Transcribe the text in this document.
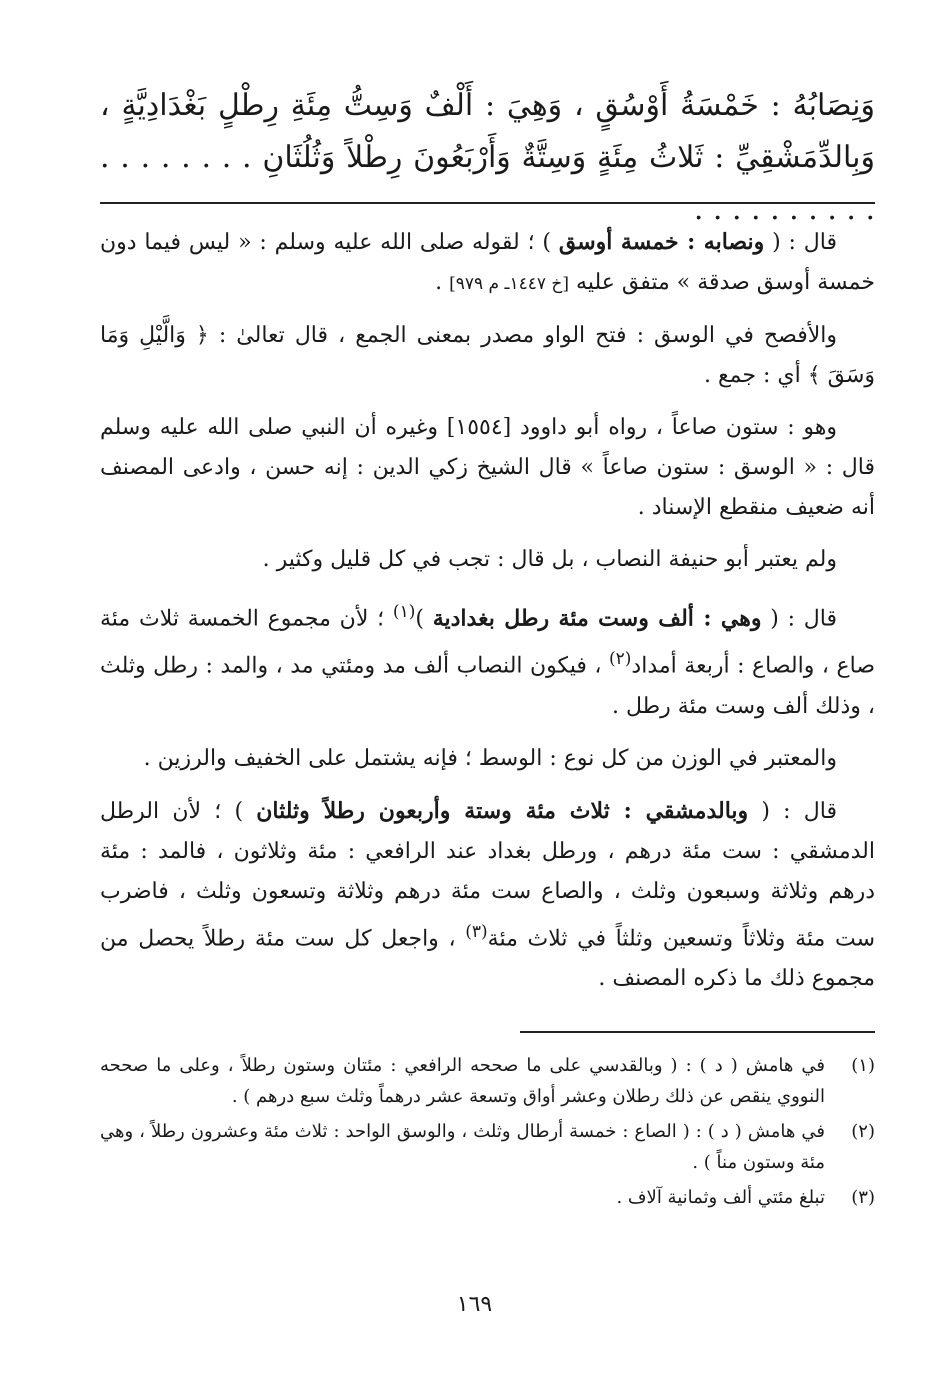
وَنِصَابُهُ : خَمْسَةُ أَوْسُقٍ ، وَهِيَ : أَلْفٌ وَسِتُّ مِئَةِ رِطْلٍ بَغْدَادِيَّةٍ ، وَبِالدِّمَشْقِيِّ : ثَلاثُ مِئَةٍ وَسِتَّةٌ وَأَرْبَعُونَ رِطْلاً وَثُلُثَانِ . . . . . . . . . . . . . . . . . .

قال : ( ونصابه : خمسة أوسق ) ؛ لقوله صلى الله عليه وسلم : « ليس فيما دون خمسة أوسق صدقة » متفق عليه [خ ١٤٤٧ـ م ٩٧٩] .

والأفصح في الوسق : فتح الواو مصدر بمعنى الجمع ، قال تعالىٰ : ﴿ وَالَّيْلِ وَمَا وَسَقَ ﴾ أي : جمع .

وهو : ستون صاعاً ، رواه أبو داوود [١٥٥٤] وغيره أن النبي صلى الله عليه وسلم قال : « الوسق : ستون صاعاً » قال الشيخ زكي الدين : إنه حسن ، وادعى المصنف أنه ضعيف منقطع الإسناد .

ولم يعتبر أبو حنيفة النصاب ، بل قال : تجب في كل قليل وكثير .

قال : ( وهي : ألف وست مئة رطل بغدادية )$^{(١)}$ ؛ لأن مجموع الخمسة ثلاث مئة صاع ، والصاع : أربعة أمداد$^{(٢)}$ ، فيكون النصاب ألف مد ومئتي مد ، والمد : رطل وثلث ، وذلك ألف وست مئة رطل .

والمعتبر في الوزن من كل نوع : الوسط ؛ فإنه يشتمل على الخفيف والرزين .

قال : ( وبالدمشقي : ثلاث مئة وستة وأربعون رطلاً وثلثان ) ؛ لأن الرطل الدمشقي : ست مئة درهم ، ورطل بغداد عند الرافعي : مئة وثلاثون ، فالمد : مئة درهم وثلاثة وسبعون وثلث ، والصاع ست مئة درهم وثلاثة وتسعون وثلث ، فاضرب ست مئة وثلاثاً وتسعين وثلثاً في ثلاث مئة$^{(٣)}$ ، واجعل كل ست مئة رطلاً يحصل من مجموع ذلك ما ذكره المصنف .

(١)
في هامش ( د ) : ( وبالقدسي على ما صححه الرافعي : مئتان وستون رطلاً ، وعلى ما صححه النووي ينقص عن ذلك رطلان وعشر أواق وتسعة عشر درهماً وثلث سبع درهم ) .
(٢)
في هامش ( د ) : ( الصاع : خمسة أرطال وثلث ، والوسق الواحد : ثلاث مئة وعشرون رطلاً ، وهي مئة وستون مناً ) .
(٣)
تبلغ مئتي ألف وثمانية آلاف .
١٦٩
